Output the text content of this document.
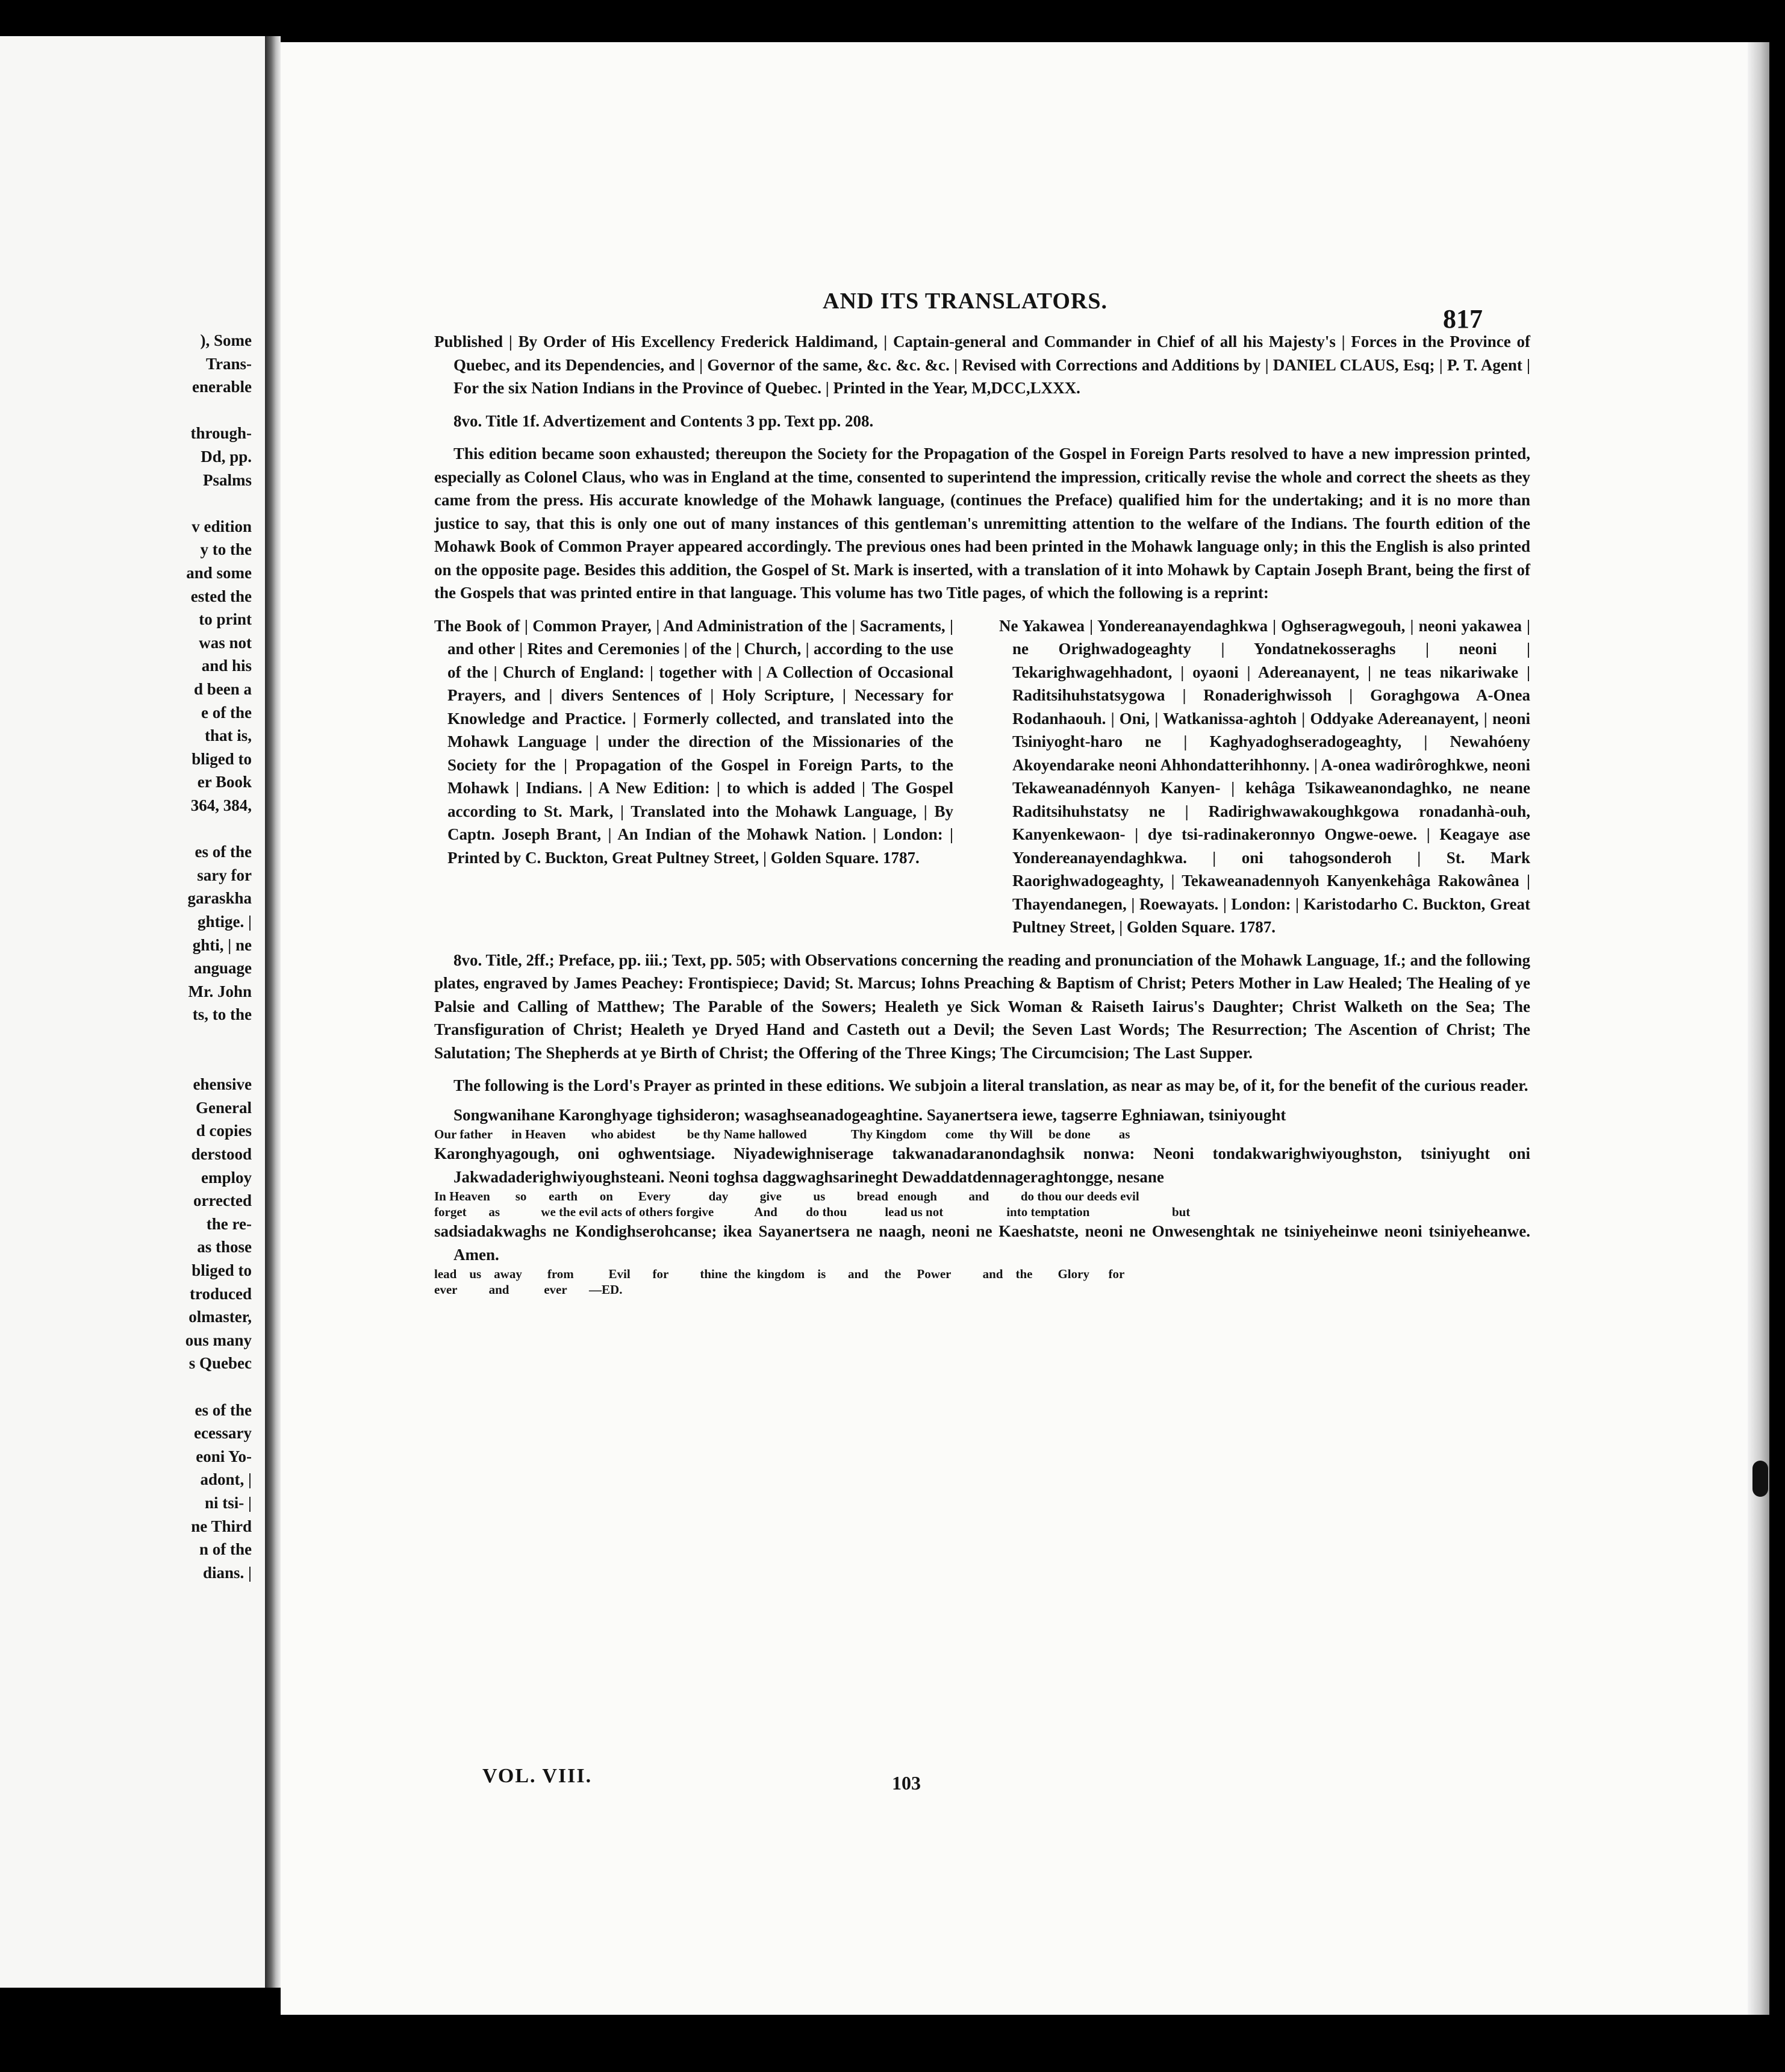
), Some
Trans-
enerable
through-
Dd, pp.
Psalms
v edition
y to the
and some
ested the
to print
was not
and his
d been a
e of the
that is,
bliged to
er Book
364, 384,
es of the
sary for
garaskha
ghtige. |
ghti, | ne
anguage
Mr. John
ts, to the
ehensive
General
d copies
derstood
employ
orrected
the re-
as those
bliged to
troduced
olmaster,
ous many
s Quebec
es of the
ecessary
eoni Yo-
adont, |
ni tsi- |
ne Third
n of the
dians. |
AND ITS TRANSLATORS.
817

Published | By Order of His Excellency Frederick Haldimand, | Captain-general and Commander in Chief of all his Majesty's | Forces in the Province of Quebec, and its Dependencies, and | Governor of the same, &c. &c. &c. | Revised with Corrections and Additions by | DANIEL CLAUS, Esq; | P. T. Agent | For the six Nation Indians in the Province of Quebec. | Printed in the Year, M,DCC,LXXX.

8vo. Title 1f. Advertizement and Contents 3 pp. Text pp. 208.

This edition became soon exhausted; thereupon the Society for the Propagation of the Gospel in Foreign Parts resolved to have a new impression printed, especially as Colonel Claus, who was in England at the time, consented to superintend the impression, critically revise the whole and correct the sheets as they came from the press. His accurate knowledge of the Mohawk language, (continues the Preface) qualified him for the undertaking; and it is no more than justice to say, that this is only one out of many instances of this gentleman's unremitting attention to the welfare of the Indians. The fourth edition of the Mohawk Book of Common Prayer appeared accordingly. The previous ones had been printed in the Mohawk language only; in this the English is also printed on the opposite page. Besides this addition, the Gospel of St. Mark is inserted, with a translation of it into Mohawk by Captain Joseph Brant, being the first of the Gospels that was printed entire in that language. This volume has two Title pages, of which the following is a reprint:

The Book of | Common Prayer, | And Administration of the | Sacraments, | and other | Rites and Ceremonies | of the | Church, | according to the use of the | Church of England: | together with | A Collection of Occasional Prayers, and | divers Sentences of | Holy Scripture, | Necessary for Knowledge and Practice. | Formerly collected, and translated into the Mohawk Language | under the direction of the Missionaries of the Society for the | Propagation of the Gospel in Foreign Parts, to the Mohawk | Indians. | A New Edition: | to which is added | The Gospel according to St. Mark, | Translated into the Mohawk Language, | By Captn. Joseph Brant, | An Indian of the Mohawk Nation. | London: | Printed by C. Buckton, Great Pultney Street, | Golden Square. 1787.

Ne Yakawea | Yondereanayendaghkwa | Oghseragwegouh, | neoni yakawea | ne Orighwadogeaghty | Yondatnekosseraghs | neoni | Tekarighwagehhadont, | oyaoni | Adereanayent, | ne teas nikariwake | Raditsihuhstatsygowa | Ronaderighwissoh | Goraghgowa A-Onea Rodanhaouh. | Oni, | Watkanissa-aghtoh | Oddyake Adereanayent, | neoni Tsiniyoght-haro ne | Kaghyadoghseradogeaghty, | Newahóeny Akoyendarake neoni Ahhondatterihhonny. | A-onea wadirôroghkwe, neoni Tekaweanadénnyoh Kanyen- | kehâga Tsikaweanondaghko, ne neane Raditsihuhstatsy ne | Radirighwawakoughkgowa ronadanhà-ouh, Kanyenkewaon- | dye tsi-radinakeronnyo Ongwe-oewe. | Keagaye ase Yondereanayendaghkwa. | oni tahogsonderoh | St. Mark Raorighwadogeaghty, | Tekaweanadennyoh Kanyenkehâga Rakowânea | Thayendanegen, | Roewayats. | London: | Karistodarho C. Buckton, Great Pultney Street, | Golden Square. 1787.

8vo. Title, 2ff.; Preface, pp. iii.; Text, pp. 505; with Observations concerning the reading and pronunciation of the Mohawk Language, 1f.; and the following plates, engraved by James Peachey: Frontispiece; David; St. Marcus; Iohns Preaching & Baptism of Christ; Peters Mother in Law Healed; The Healing of ye Palsie and Calling of Matthew; The Parable of the Sowers; Healeth ye Sick Woman & Raiseth Iairus's Daughter; Christ Walketh on the Sea; The Transfiguration of Christ; Healeth ye Dryed Hand and Casteth out a Devil; the Seven Last Words; The Resurrection; The Ascention of Christ; The Salutation; The Shepherds at ye Birth of Christ; the Offering of the Three Kings; The Circumcision; The Last Supper.

The following is the Lord's Prayer as printed in these editions. We subjoin a literal translation, as near as may be, of it, for the benefit of the curious reader.

Songwanihane Karonghyage tighsideron; wasaghseanadogeaghtine. Sayanertsera iewe, tagserre Eghniawan, tsiniyought

Our father      in Heaven        who abidest          be thy Name hallowed              Thy Kingdom      come     thy Will     be done         as

Karonghyagough, oni oghwentsiage. Niyadewighniserage takwanadaranondaghsik nonwa: Neoni tondakwarighwiyoughston, tsiniyught oni Jakwadaderighwiyoughsteani. Neoni toghsa daggwaghsarineght Dewaddatdennageraghtongge, nesane

In Heaven        so       earth       on        Every            day          give          us          bread   enough          and          do thou our deeds evil
forget       as             we the evil acts of others forgive             And         do thou            lead us not                    into temptation                          but

sadsiadakwaghs ne Kondighserohcanse; ikea Sayanertsera ne naagh, neoni ne Kaeshatste, neoni ne Onwesenghtak ne tsiniyeheinwe neoni tsiniyeheanwe. Amen.

lead    us    away        from           Evil       for          thine  the  kingdom    is       and     the     Power          and    the        Glory      for
ever          and           ever       —ED.

VOL. VIII.	103
